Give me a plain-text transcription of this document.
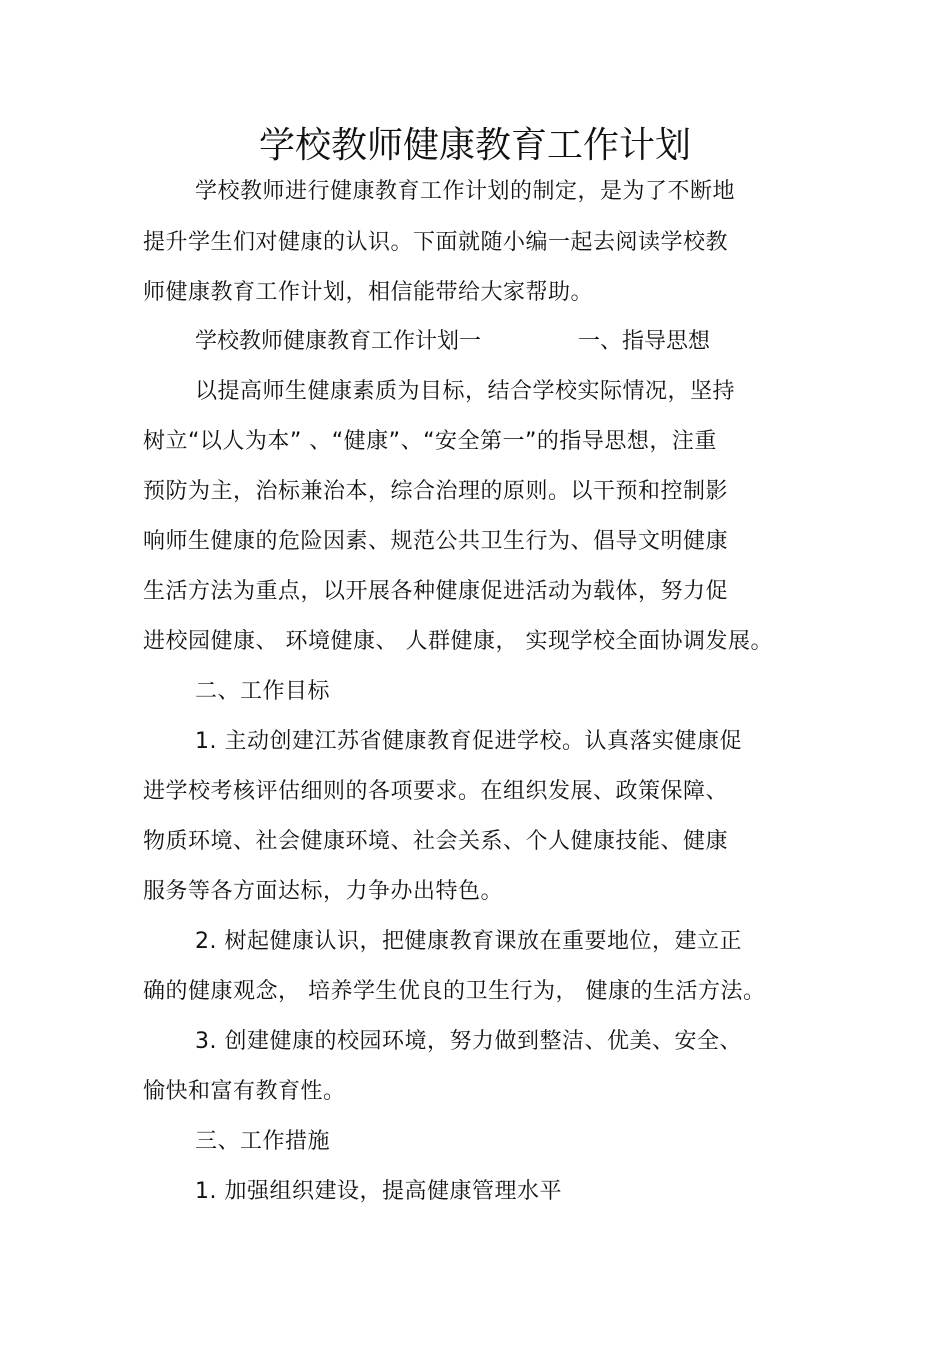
学校教师健康教育工作计划
学校教师进行健康教育工作计划的制定，是为了不断地
提升学生们对健康的认识。下面就随小编一起去阅读学校教
师健康教育工作计划，相信能带给大家帮助。
学校教师健康教育工作计划一	一、指导思想
以提高师生健康素质为目标，结合学校实际情况，坚持
树立“以人为本” 、“健康”、“安全第一”的指导思想，注重
预防为主，治标兼治本，综合治理的原则。以干预和控制影
响师生健康的危险因素、规范公共卫生行为、倡导文明健康
生活方法为重点，以开展各种健康促进活动为载体，努力促
进校园健康、 环境健康、 人群健康， 实现学校全面协调发展。
二、工作目标
1. 主动创建江苏省健康教育促进学校。认真落实健康促
进学校考核评估细则的各项要求。在组织发展、政策保障、
物质环境、社会健康环境、社会关系、个人健康技能、健康
服务等各方面达标，力争办出特色。
2. 树起健康认识，把健康教育课放在重要地位，建立正
确的健康观念， 培养学生优良的卫生行为， 健康的生活方法。
3. 创建健康的校园环境，努力做到整洁、优美、安全、
愉快和富有教育性。
三、工作措施
1. 加强组织建设，提高健康管理水平
